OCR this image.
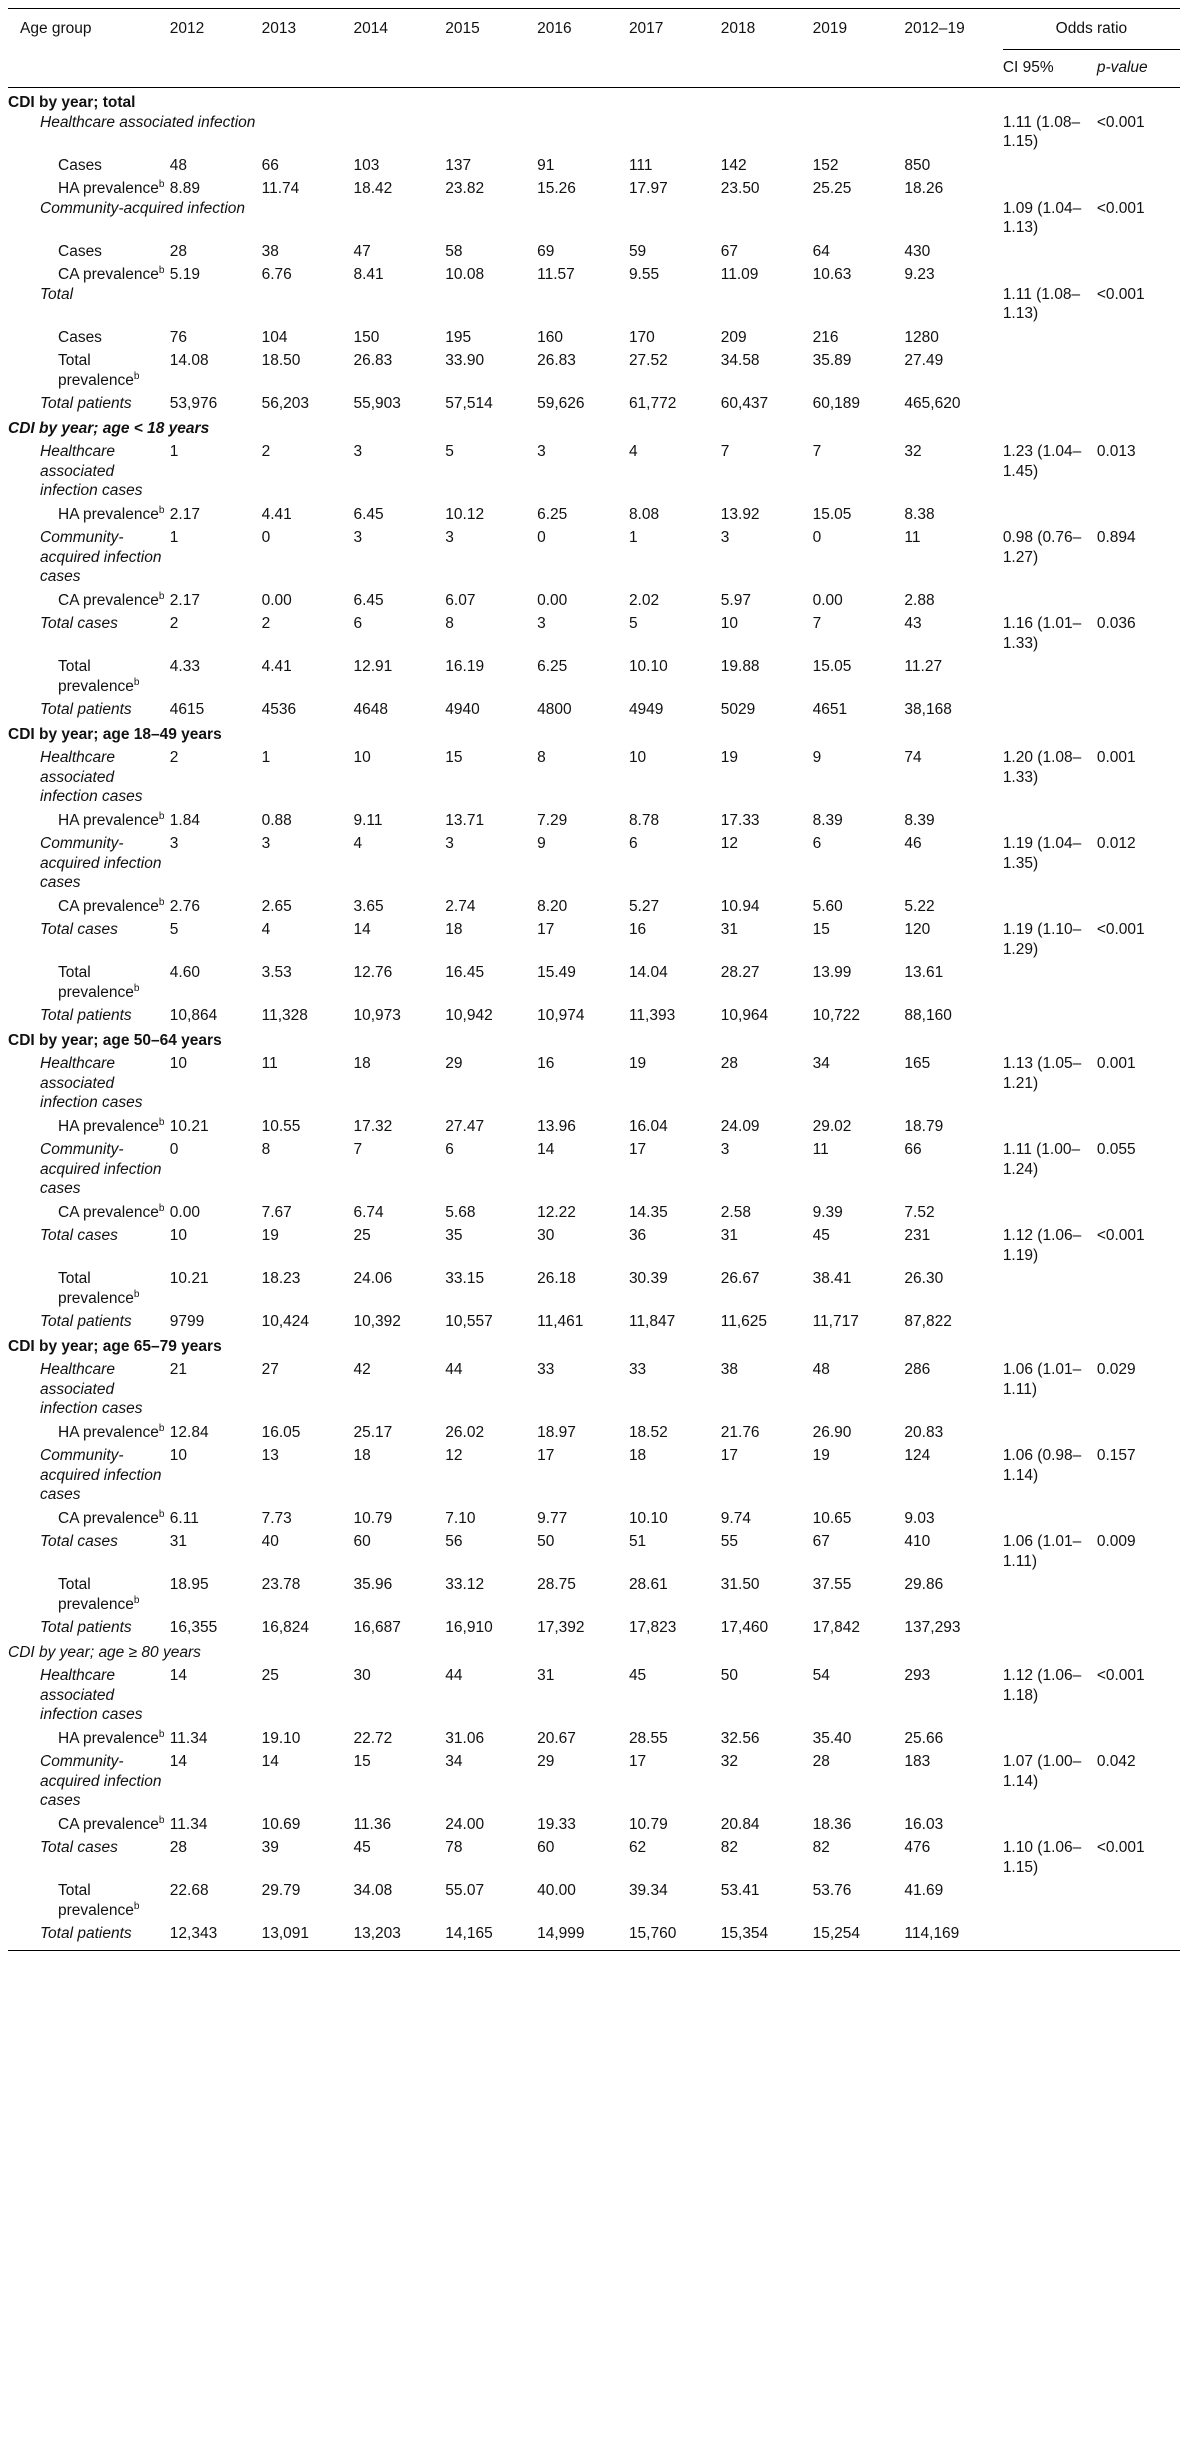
Age group	2012	2013	2014	2015	2016	2017	2018	2019	2012–19	Odds ratio	
										CI 95%	p-value
CDI by year; total											
Healthcare associated infection										1.11 (1.08–1.15)	<0.001
Cases	48	66	103	137	91	111	142	152	850		
HA prevalence$^b$	8.89	11.74	18.42	23.82	15.26	17.97	23.50	25.25	18.26		
Community-acquired infection										1.09 (1.04–1.13)	<0.001
Cases	28	38	47	58	69	59	67	64	430		
CA prevalence$^b$	5.19	6.76	8.41	10.08	11.57	9.55	11.09	10.63	9.23		
Total										1.11 (1.08–1.13)	<0.001
Cases	76	104	150	195	160	170	209	216	1280		
Total prevalence$^b$	14.08	18.50	26.83	33.90	26.83	27.52	34.58	35.89	27.49		
Total patients	53,976	56,203	55,903	57,514	59,626	61,772	60,437	60,189	465,620		
CDI by year; age < 18 years											
Healthcare associated infection cases	1	2	3	5	3	4	7	7	32	1.23 (1.04–1.45)	0.013
HA prevalence$^b$	2.17	4.41	6.45	10.12	6.25	8.08	13.92	15.05	8.38		
Community-acquired infection cases	1	0	3	3	0	1	3	0	11	0.98 (0.76–1.27)	0.894
CA prevalence$^b$	2.17	0.00	6.45	6.07	0.00	2.02	5.97	0.00	2.88		
Total cases	2	2	6	8	3	5	10	7	43	1.16 (1.01–1.33)	0.036
Total prevalence$^b$	4.33	4.41	12.91	16.19	6.25	10.10	19.88	15.05	11.27		
Total patients	4615	4536	4648	4940	4800	4949	5029	4651	38,168		
CDI by year; age 18–49 years											
Healthcare associated infection cases	2	1	10	15	8	10	19	9	74	1.20 (1.08–1.33)	0.001
HA prevalence$^b$	1.84	0.88	9.11	13.71	7.29	8.78	17.33	8.39	8.39		
Community-acquired infection cases	3	3	4	3	9	6	12	6	46	1.19 (1.04–1.35)	0.012
CA prevalence$^b$	2.76	2.65	3.65	2.74	8.20	5.27	10.94	5.60	5.22		
Total cases	5	4	14	18	17	16	31	15	120	1.19 (1.10–1.29)	<0.001
Total prevalence$^b$	4.60	3.53	12.76	16.45	15.49	14.04	28.27	13.99	13.61		
Total patients	10,864	11,328	10,973	10,942	10,974	11,393	10,964	10,722	88,160		
CDI by year; age 50–64 years											
Healthcare associated infection cases	10	11	18	29	16	19	28	34	165	1.13 (1.05–1.21)	0.001
HA prevalence$^b$	10.21	10.55	17.32	27.47	13.96	16.04	24.09	29.02	18.79		
Community-acquired infection cases	0	8	7	6	14	17	3	11	66	1.11 (1.00–1.24)	0.055
CA prevalence$^b$	0.00	7.67	6.74	5.68	12.22	14.35	2.58	9.39	7.52		
Total cases	10	19	25	35	30	36	31	45	231	1.12 (1.06–1.19)	<0.001
Total prevalence$^b$	10.21	18.23	24.06	33.15	26.18	30.39	26.67	38.41	26.30		
Total patients	9799	10,424	10,392	10,557	11,461	11,847	11,625	11,717	87,822		
CDI by year; age 65–79 years											
Healthcare associated infection cases	21	27	42	44	33	33	38	48	286	1.06 (1.01–1.11)	0.029
HA prevalence$^b$	12.84	16.05	25.17	26.02	18.97	18.52	21.76	26.90	20.83		
Community-acquired infection cases	10	13	18	12	17	18	17	19	124	1.06 (0.98–1.14)	0.157
CA prevalence$^b$	6.11	7.73	10.79	7.10	9.77	10.10	9.74	10.65	9.03		
Total cases	31	40	60	56	50	51	55	67	410	1.06 (1.01–1.11)	0.009
Total prevalence$^b$	18.95	23.78	35.96	33.12	28.75	28.61	31.50	37.55	29.86		
Total patients	16,355	16,824	16,687	16,910	17,392	17,823	17,460	17,842	137,293		
CDI by year; age ≥ 80 years											
Healthcare associated infection cases	14	25	30	44	31	45	50	54	293	1.12 (1.06–1.18)	<0.001
HA prevalence$^b$	11.34	19.10	22.72	31.06	20.67	28.55	32.56	35.40	25.66		
Community-acquired infection cases	14	14	15	34	29	17	32	28	183	1.07 (1.00–1.14)	0.042
CA prevalence$^b$	11.34	10.69	11.36	24.00	19.33	10.79	20.84	18.36	16.03		
Total cases	28	39	45	78	60	62	82	82	476	1.10 (1.06–1.15)	<0.001
Total prevalence$^b$	22.68	29.79	34.08	55.07	40.00	39.34	53.41	53.76	41.69		
Total patients	12,343	13,091	13,203	14,165	14,999	15,760	15,354	15,254	114,169		
